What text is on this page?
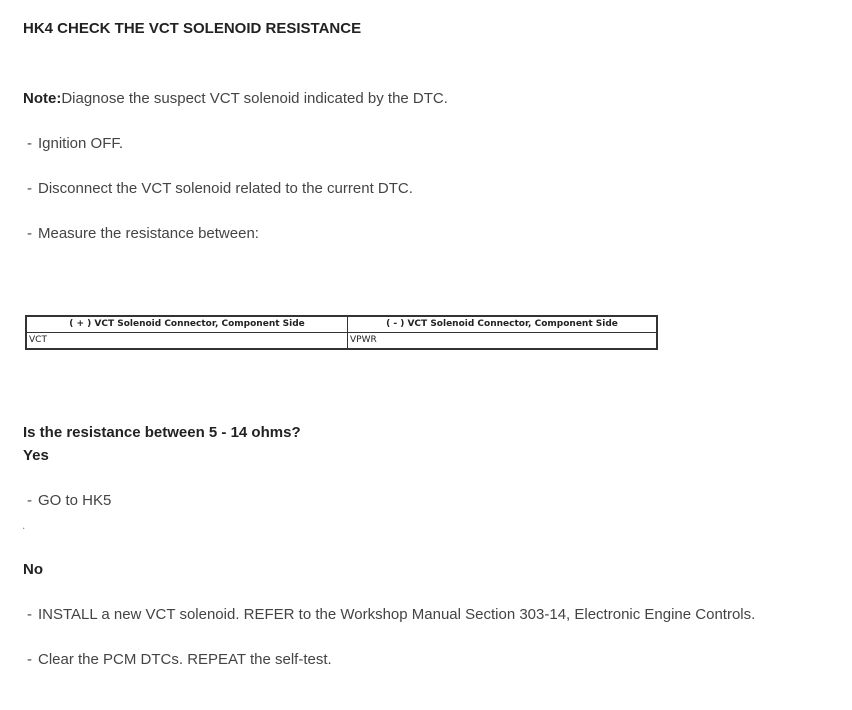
HK4 CHECK THE VCT SOLENOID RESISTANCE
Note:Diagnose the suspect VCT solenoid indicated by the DTC.
- Ignition OFF.
- Disconnect the VCT solenoid related to the current DTC.
- Measure the resistance between:
( + ) VCT Solenoid Connector, Component Side	( - ) VCT Solenoid Connector, Component Side
VCT	VPWR
Is the resistance between 5 - 14 ohms?
Yes
- GO to HK5
.
No
- INSTALL a new VCT solenoid. REFER to the Workshop Manual Section 303-14, Electronic Engine Controls.
- Clear the PCM DTCs. REPEAT the self-test.
